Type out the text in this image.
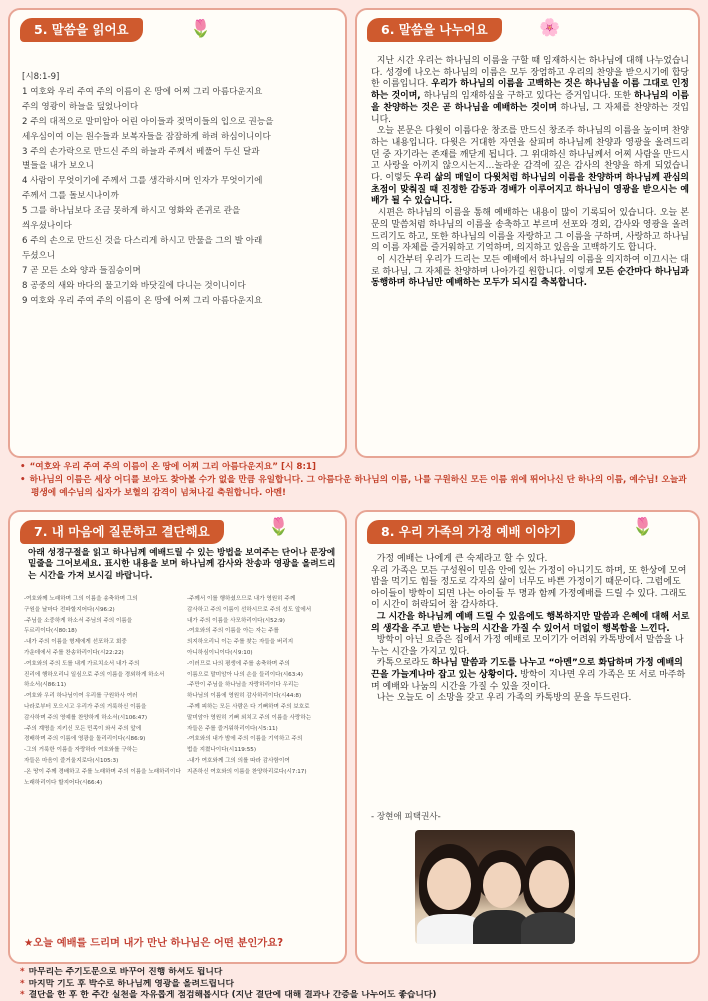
5. 말씀을 읽어요	🌷
[시8:1-9]
1 여호와 우리 주여 주의 이름이 온 땅에 어찌 그리 아름다운지요
주의 영광이 하늘을 덮었나이다
2 주의 대적으로 말미암아 어린 아이들과 젖먹이들의 입으로 권능을
세우심이여 이는 원수들과 보복자들을 잠잠하게 하려 하심이니이다
3 주의 손가락으로 만드신 주의 하늘과 주께서 베풀어 두신 달과
별들을 내가 보오니
4 사람이 무엇이기에 주께서 그를 생각하시며 인자가 무엇이기에
주께서 그를 돌보시나이까
5 그를 하나님보다 조금 못하게 하시고 영화와 존귀로 관을
씌우셨나이다
6 주의 손으로 만드신 것을 다스리게 하시고 만물을 그의 발 아래
두셨으니
7 곧 모든 소와 양과 들짐승이며
8 공중의 새와 바다의 물고기와 바닷길에 다니는 것이니이다
9 여호와 우리 주여 주의 이름이 온 땅에 어찌 그리 아름다운지요
6. 말씀을 나누어요	🌸

지난 시간 우리는 하나님의 이름을 구할 때 임재하시는 하나님에 대해 나누었습니다. 성경에 나오는 하나님의 이름은 모두 장엄하고 우리의 찬양을 받으시기에 합당한 이름입니다. 우리가 하나님의 이름을 고백하는 것은 하나님을 이름 그대로 인정하는 것이며, 하나님의 임재하심을 구하고 있다는 증거입니다. 또한 하나님의 이름을 찬양하는 것은 곧 하나님을 예배하는 것이며 하나님, 그 자체를 찬양하는 것입니다.

오늘 본문은 다윗이 이름다운 창조를 만드신 창조주 하나님의 이름을 높이며 찬양하는 내용입니다. 다윗은 거대한 자연을 살피며 하나님께 찬양과 영광을 올려드리던 중 자기라는 존재를 깨닫게 됩니다. 그 위대하신 하나님께서 어찌 사람을 만드시고 사랑을 아끼지 않으시는지…놀라운 감격에 깊은 감사의 찬양을 하게 되었습니다. 이렇듯 우리 삶의 매일이 다윗처럼 하나님의 이름을 찬양하며 하나님께 관심의 초점이 맞춰질 때 진정한 감동과 경배가 이루어지고 하나님이 영광을 받으시는 예배가 될 수 있습니다.

시편은 하나님의 이름을 통해 예배하는 내용이 많이 기록되어 있습니다. 오늘 본문의 말씀처럼 하나님의 이름을 송축하고 부르며 선포와 경외, 감사와 영광을 올려드리기도 하고, 또한 하나님의 이름을 자랑하고 그 이름을 구하며, 사랑하고 하나님의 이름 자체를 즐거워하고 기억하며, 의지하고 있음을 고백하기도 합니다.

이 시간부터 우리가 드리는 모든 예배에서 하나님의 이름을 의지하여 이끄시는 대로 하나님, 그 자체를 찬양하며 나아가길 원합니다. 이렇게 모든 순간마다 하나님과 동행하며 하나님만 예배하는 모두가 되시길 축복합니다.

• “여호와 우리 주여 주의 이름이 온 땅에 어찌 그리 아름다운지요” [시 8:1]
• 하나님의 이름은 세상 어디를 보아도 찾아볼 수가 없을 만큼 유일합니다. 그 아름다운 하나님의 이름, 나를 구원하신 모든 이름 위에 뛰어나신 단 하나의 이름, 예수님! 오늘과 평생에 예수님의 십자가 보혈의 감격이 넘쳐나길 축원합니다. 아멘!
7. 내 마음에 질문하고 결단해요	🌷
아래 성경구절을 읽고 하나님께 예배드릴 수 있는 방법을 보여주는 단어나 문장에 밑줄을 그어보세요. 표시한 내용을 보며 하나님께 감사와 찬송과 영광을 올려드리는 시간을 가져 보시길 바랍니다.
-여호와께 노래하며 그의 이름을 송축하며 그의
구원을 날마다 전파할지어다(시96:2)
-주님을 소중하게 하소서 주님의 주의 이름을
두르리이다(시80:18)
-내가 주의 이름을 형제에게 선포하고 회중
가운데에서 주를 찬송하리이다(시22:22)
-여호와의 주의 도를 내게 가르치소서 내가 주의
진리에 행하오리니 일심으로 주의 이름을 경외하게 하소서
하소서(시86:11)
-여호와 우리 하나님이여 우리를 구원하사 여러
나라로부터 모으시고 우리가 주의 거룩하신 이름을
감사하며 주의 영예를 찬양하게 하소서(시106:47)
-주의 계명을 지키신 모든 민족이 와서 주의 앞에
경배하며 주의 이름에 영광을 돌리리이다(시86:9)
-그의 거룩한 이름을 자랑하라 여호와를 구하는
자들은 마음이 즐거울지로다(시105:3)
-온 땅이 주께 경배하고 주를 노래하며 주의 이름을 노래하리이다
노래하리이다 할지어다(시66:4)
-주께서 이를 행하셨으므로 내가 영원히 주께
감사하고 주의 이름이 선하시므로 주의 성도 앞에서
내가 주의 이름을 사모하리이다(시52:9)
-여호와의 주의 이름을 아는 자는 주를
의지하오리니 이는 주를 찾는 자들을 버리지
아니하심이니이다(시9:10)
-이러므로 나의 평생에 주를 송축하며 주의
이름으로 말미암아 나의 손을 들리이다(시63:4)
-주만이 주님을 하나님을 자랑하리이다 우리는
하나님의 이름에 영원히 감사하리이다(시44:8)
-주께 피하는 모든 사람은 다 기뻐하며 주의 보호로
말미암아 영원히 기뻐 외치고 주의 이름을 사랑하는
자들은 주를 즐거워하리이다(시5:11)
-여호와의 내가 밤에 주의 이름을 기억하고 주의
법을 지켰나이다(시119:55)
-내가 여호와께 그의 의를 따라 감사함이여
지존하신 여호와의 이름을 찬양하리로다(시7:17)
★오늘 예배를 드리며 내가 만난 하나님은 어떤 분인가요?
8. 우리 가족의 가정 예배 이야기	🌷

가정 예배는 나에게 큰 숙제라고 할 수 있다.

우리 가족은 모든 구성원이 믿음 안에 있는 가정이 아니기도 하며, 또 한상에 모여 밥을 먹기도 힘들 정도로 각자의 삶이 너무도 바쁜 가정이기 때문이다. 그럼에도 아이들이 방학이 되면 나는 아이들 두 명과 함께 가정예배를 드릴 수 있다. 그래도 이 시간이 허락되어 참 감사하다.

그 시간을 하나님께 예배 드릴 수 있음에도 행복하지만 말씀과 은혜에 대해 서로의 생각을 주고 받는 나눔의 시간을 가질 수 있어서 더없이 행복함을 느낀다.

방학이 아닌 요즘은 집에서 가정 예배로 모이기가 어려워 카톡방에서 말씀을 나누는 시간을 가지고 있다.

카톡으로라도 하나님 말씀과 기도를 나누고 “아멘”으로 화답하며 가정 예배의 끈을 가늘게나마 잡고 있는 상황이다. 방학이 지나면 우리 가족은 또 서로 마주하며 예배와 나눔의 시간을 가질 수 있을 것이다.

나는 오늘도 이 소망을 갖고 우리 가족의 카톡방의 문을 두드린다.

- 장현애 피택권사-
* 마무리는 주기도문으로 바꾸어 진행 하셔도 됩니다
* 마지막 기도 후 박수로 하나님께 영광을 올려드립니다
* 결단을 한 후 한 주간 실천을 자유롭게 점검해봅시다 (지난 결단에 대해 결과나 간증을 나누어도 좋습니다)
